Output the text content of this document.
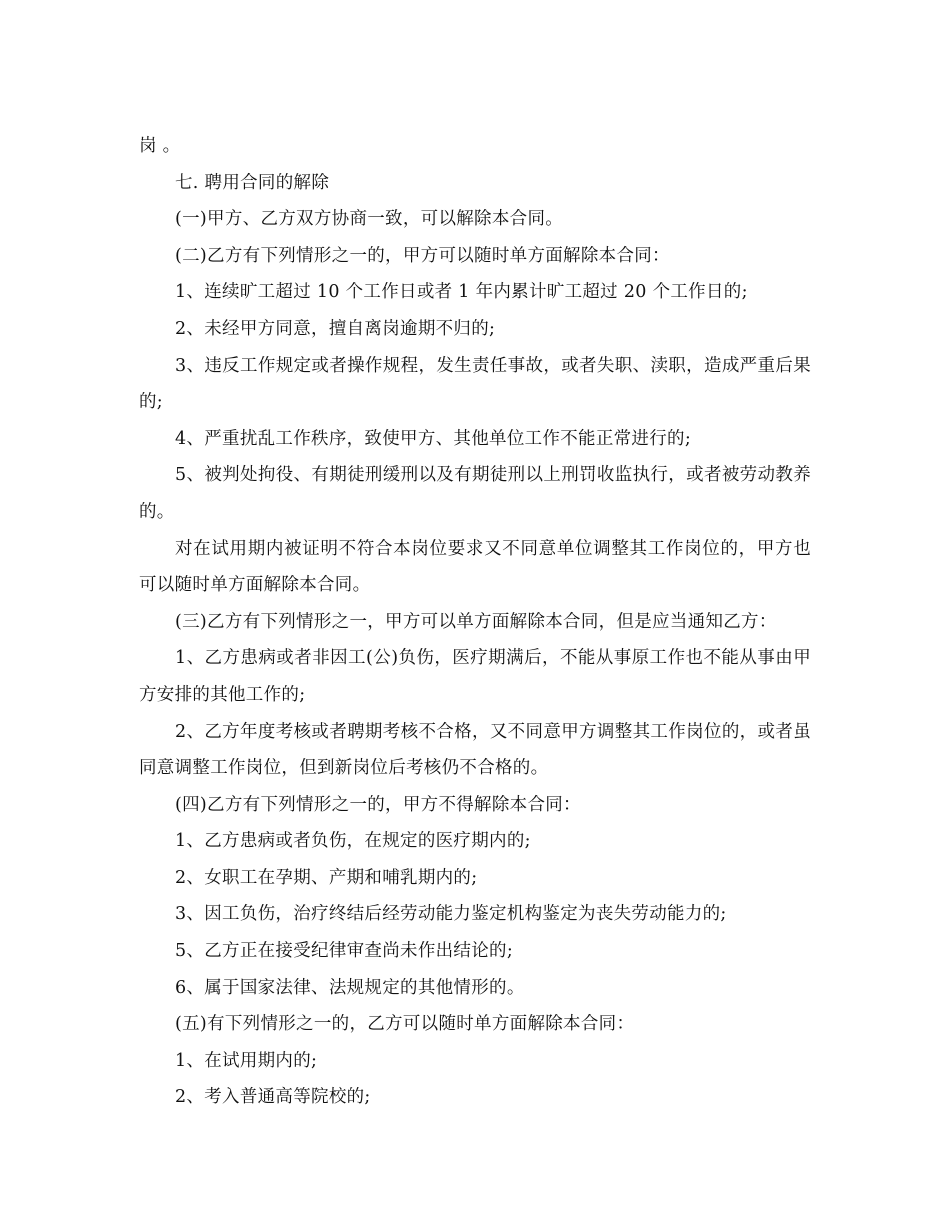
岗 。

七. 聘用合同的解除

(一)甲方、乙方双方协商一致，可以解除本合同。

(二)乙方有下列情形之一的，甲方可以随时单方面解除本合同：

1、连续旷工超过 10 个工作日或者 1 年内累计旷工超过 20 个工作日的;

2、未经甲方同意，擅自离岗逾期不归的;

3、违反工作规定或者操作规程，发生责任事故，或者失职、渎职，造成严重后果的;

4、严重扰乱工作秩序，致使甲方、其他单位工作不能正常进行的;

5、被判处拘役、有期徒刑缓刑以及有期徒刑以上刑罚收监执行，或者被劳动教养的。

对在试用期内被证明不符合本岗位要求又不同意单位调整其工作岗位的，甲方也可以随时单方面解除本合同。

(三)乙方有下列情形之一，甲方可以单方面解除本合同，但是应当通知乙方：

1、乙方患病或者非因工(公)负伤，医疗期满后，不能从事原工作也不能从事由甲方安排的其他工作的;

2、乙方年度考核或者聘期考核不合格，又不同意甲方调整其工作岗位的，或者虽同意调整工作岗位，但到新岗位后考核仍不合格的。

(四)乙方有下列情形之一的，甲方不得解除本合同：

1、乙方患病或者负伤，在规定的医疗期内的;

2、女职工在孕期、产期和哺乳期内的;

3、因工负伤，治疗终结后经劳动能力鉴定机构鉴定为丧失劳动能力的;

5、乙方正在接受纪律审查尚未作出结论的;

6、属于国家法律、法规规定的其他情形的。

(五)有下列情形之一的，乙方可以随时单方面解除本合同：

1、在试用期内的;

2、考入普通高等院校的;
